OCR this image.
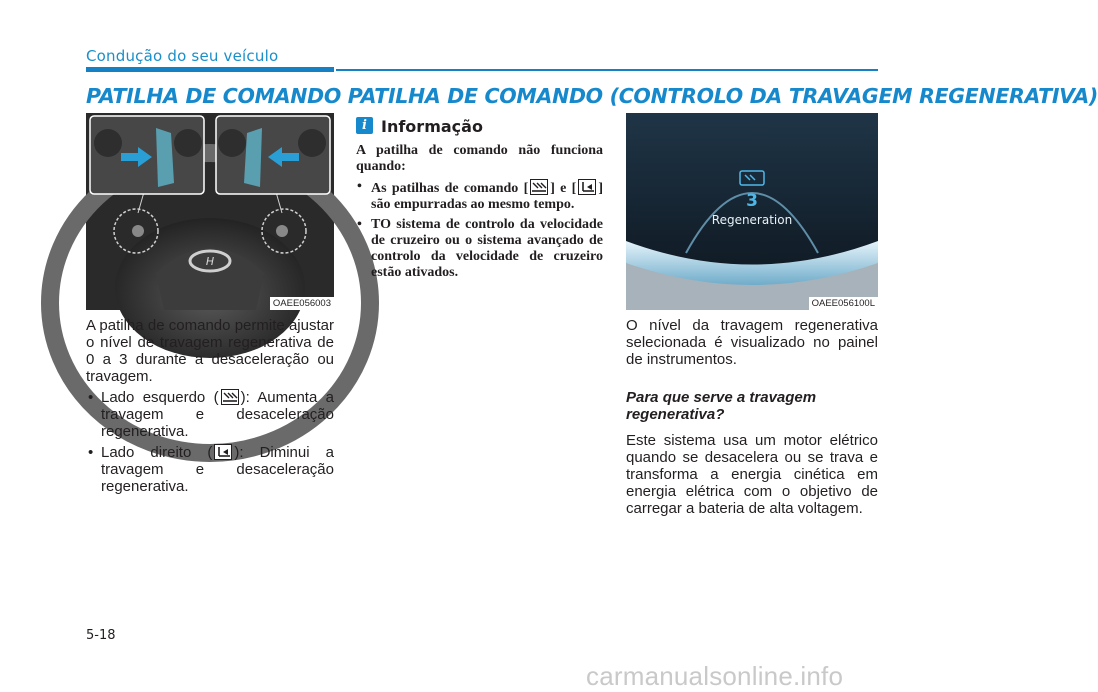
Condução do seu veículo
PATILHA DE COMANDO PATILHA DE COMANDO (CONTROLO DA TRAVAGEM REGENERATIVA)
H
OAEE056003
3
Regeneration
OAEE056100L
A patilha de comando permite ajustar o nível de travagem regenerativa de 0 a 3 durante a desaceleração ou travagem.
• Lado esquerdo ( ): Aumenta a travagem e desaceleração regenerativa.
• Lado direito ( ): Diminui a travagem e desaceleração regenerativa.
i Informação
A patilha de comando não funciona quando:
• As patilhas de comando [ ] e [ ] são empurradas ao mesmo tempo.
• TO sistema de controlo da velocidade de cruzeiro ou o sistema avançado de controlo da velocidade de cruzeiro estão ativados.
O nível da travagem regenerativa selecionada é visualizado no painel de instrumentos.
Para que serve a travagem regenerativa?
Este sistema usa um motor elétrico quando se desacelera ou se trava e transforma a energia cinética em energia elétrica com o objetivo de carregar a bateria de alta voltagem.
5-18
carmanualsonline.info
